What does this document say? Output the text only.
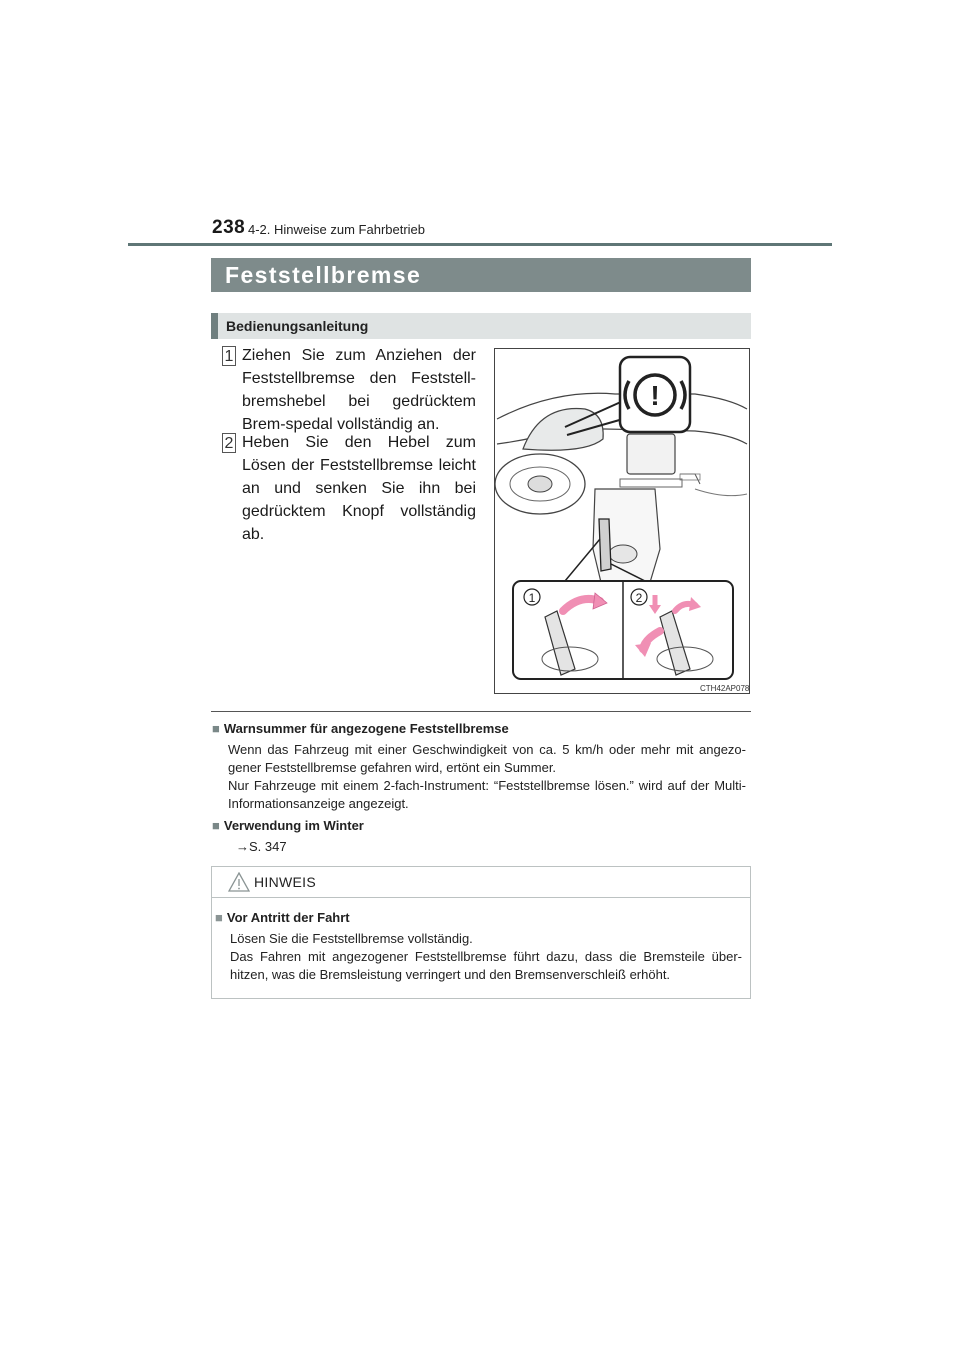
238 4-2. Hinweise zum Fahrbetrieb
Feststellbremse
Bedienungsanleitung
1 Ziehen Sie zum Anziehen der Feststellbremse den Feststell-bremshebel bei gedrücktem Brem-spedal vollständig an.
2 Heben Sie den Hebel zum Lösen der Feststellbremse leicht an und senken Sie ihn bei gedrücktem Knopf vollständig ab.
!
1	2
CTH42AP078
■ Warnsummer für angezogene Feststellbremse
Wenn das Fahrzeug mit einer Geschwindigkeit von ca. 5 km/h oder mehr mit angezo-gener Feststellbremse gefahren wird, ertönt ein Summer.
Nur Fahrzeuge mit einem 2-fach-Instrument: “Feststellbremse lösen.” wird auf der Multi-Informationsanzeige angezeigt.
■ Verwendung im Winter
→S. 347
HINWEIS
■ Vor Antritt der Fahrt
Lösen Sie die Feststellbremse vollständig.
Das Fahren mit angezogener Feststellbremse führt dazu, dass die Bremsteile über-hitzen, was die Bremsleistung verringert und den Bremsenverschleiß erhöht.
